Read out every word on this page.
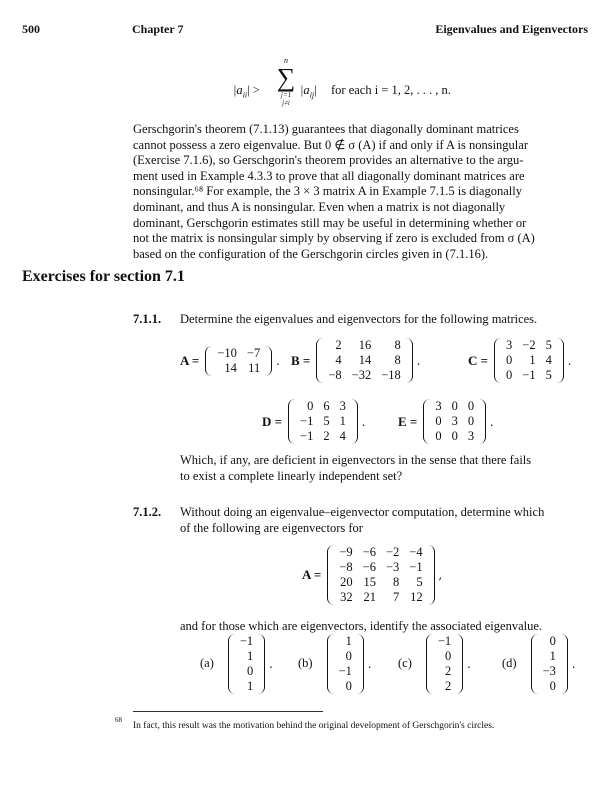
500	Chapter 7	Eigenvalues and Eigenvectors
$|a_{ii}|$ >
n
∑
j=1
j≠i
$|a_{ij}|$ for each i = 1, 2, . . . , n.
Gerschgorin's theorem (7.1.13) guarantees that diagonally dominant matrices
cannot possess a zero eigenvalue. But 0 ∉ σ (A) if and only if A is nonsingular
(Exercise 7.1.6), so Gerschgorin's theorem provides an alternative to the argu-
ment used in Example 4.3.3 to prove that all diagonally dominant matrices are
nonsingular.⁶⁸ For example, the 3 × 3 matrix A in Example 7.1.5 is diagonally
dominant, and thus A is nonsingular. Even when a matrix is not diagonally
dominant, Gerschgorin estimates still may be useful in determining whether or
not the matrix is nonsingular simply by observing if zero is excluded from σ (A)
based on the configuration of the Gerschgorin circles given in (7.1.16).
Exercises for section 7.1
7.1.1. Determine the eigenvalues and eigenvectors for the following matrices.
A = −10	−7
14	11 . B =
2	16	8
4	14	8
−8	−32	−18
.	C =
3	−2	5
0	1	4
0	−1	5
.
D =
0	6	3
−1	5	1
−1	2	4
.	E =
3	0	0
0	3	0
0	0	3
.
Which, if any, are deficient in eigenvectors in the sense that there fails
to exist a complete linearly independent set?
7.1.2. Without doing an eigenvalue–eigenvector computation, determine which
of the following are eigenvectors for
A =
−9	−6	−2	−4
−8	−6	−3	−1
20	15	8	5
32	21	7	12
,
and for those which are eigenvectors, identify the associated eigenvalue.
(a)
−1
1
0
1
. (b)
1
0
−1
0
. (c)
−1
0
2
2
. (d)
0
1
−3
0
.
68
In fact, this result was the motivation behind the original development of Gerschgorin's circles.
